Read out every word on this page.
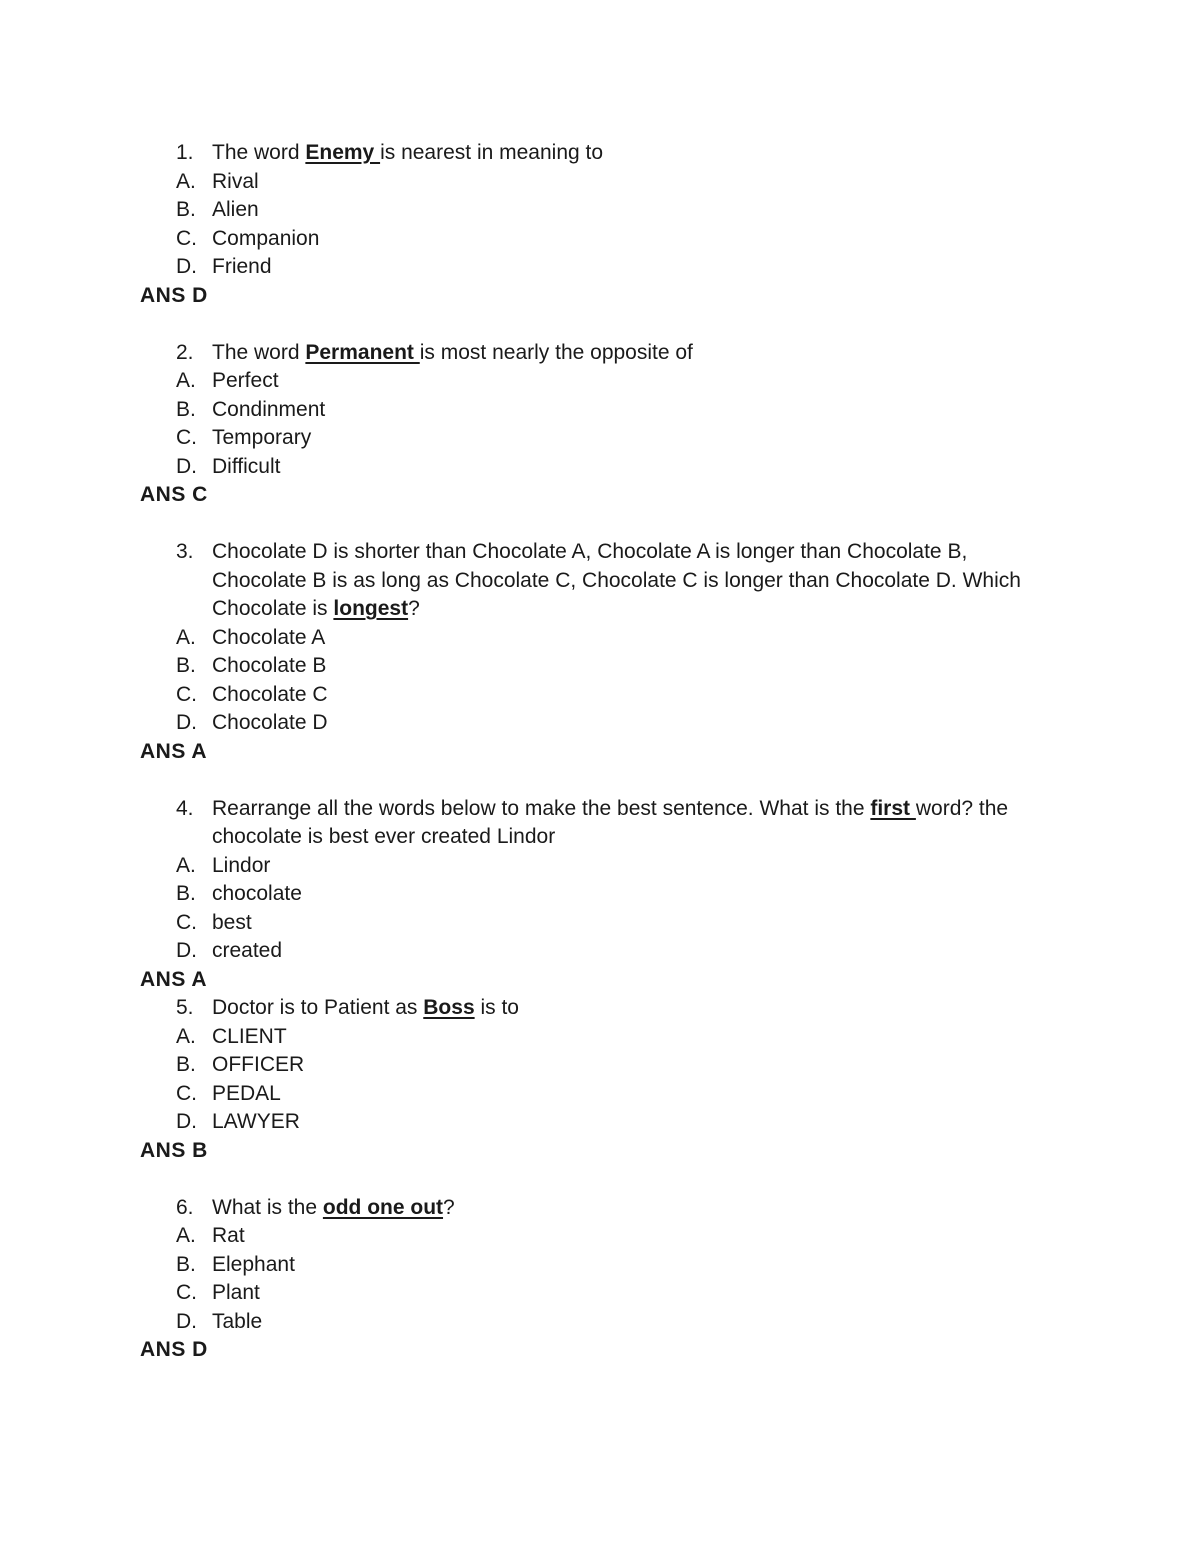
1. The word Enemy is nearest in meaning to
A. Rival
B. Alien
C. Companion
D. Friend
ANS D
2. The word Permanent is most nearly the opposite of
A. Perfect
B. Condinment
C. Temporary
D. Difficult
ANS C
3. Chocolate D is shorter than Chocolate A, Chocolate A is longer than Chocolate B, Chocolate B is as long as Chocolate C, Chocolate C is longer than Chocolate D. Which Chocolate is longest?
A. Chocolate A
B. Chocolate B
C. Chocolate C
D. Chocolate D
ANS A
4. Rearrange all the words below to make the best sentence. What is the first word? the chocolate is best ever created Lindor
A. Lindor
B. chocolate
C. best
D. created
ANS A
5. Doctor is to Patient as Boss is to
A. CLIENT
B. OFFICER
C. PEDAL
D. LAWYER
ANS B
6. What is the odd one out?
A. Rat
B. Elephant
C. Plant
D. Table
ANS D
